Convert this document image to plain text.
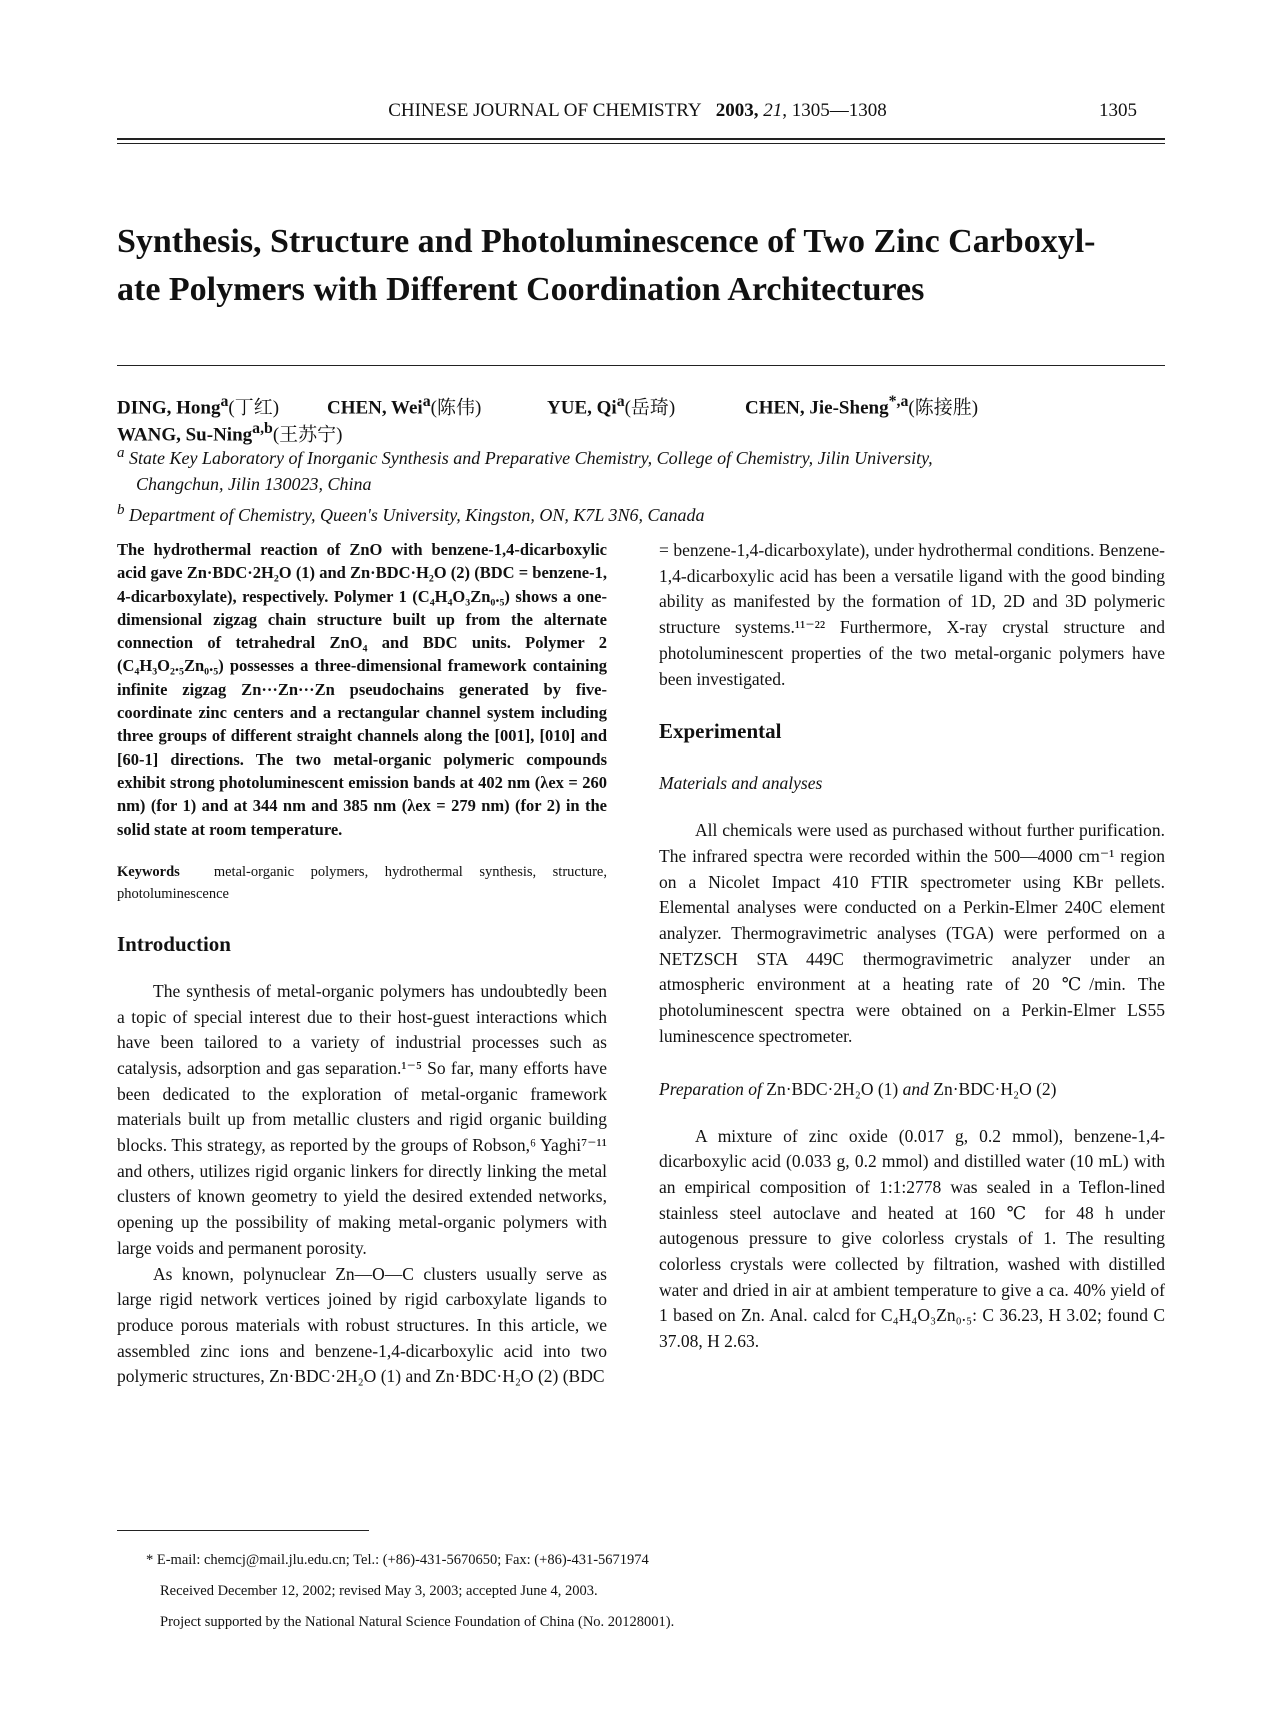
CHINESE JOURNAL OF CHEMISTRY 2003, 21, 1305—1308	1305
Synthesis, Structure and Photoluminescence of Two Zinc Carboxyl-
ate Polymers with Different Coordination Architectures
DING, Hong$^a$(丁红)	CHEN, Wei$^a$(陈伟)	YUE, Qi$^a$(岳琦)	CHEN, Jie-Sheng$^{*,a}$(陈接胜)
WANG, Su-Ning$^{a,b}$(王苏宁)
$^a$ State Key Laboratory of Inorganic Synthesis and Preparative Chemistry, College of Chemistry, Jilin University,
Changchun, Jilin 130023, China
$^b$ Department of Chemistry, Queen's University, Kingston, ON, K7L 3N6, Canada

The hydrothermal reaction of ZnO with benzene-1,4-dicarboxylic acid gave Zn·BDC·2H₂O (1) and Zn·BDC·H₂O (2) (BDC = benzene-1, 4-dicarboxylate), respectively. Polymer 1 (C₄H₄O₃Zn₀.₅) shows a one-dimensional zigzag chain structure built up from the alternate connection of tetrahedral ZnO₄ and BDC units. Polymer 2 (C₄H₃O₂.₅Zn₀.₅) possesses a three-dimensional framework containing infinite zigzag Zn···Zn···Zn pseudochains generated by five-coordinate zinc centers and a rectangular channel system including three groups of different straight channels along the [001], [010] and [60-1] directions. The two metal-organic polymeric compounds exhibit strong photoluminescent emission bands at 402 nm (λex = 260 nm) (for 1) and at 344 nm and 385 nm (λex = 279 nm) (for 2) in the solid state at room temperature.

Keywords metal-organic polymers, hydrothermal synthesis, structure, photoluminescence
Introduction

The synthesis of metal-organic polymers has undoubtedly been a topic of special interest due to their host-guest interactions which have been tailored to a variety of industrial processes such as catalysis, adsorption and gas separation.¹⁻⁵ So far, many efforts have been dedicated to the exploration of metal-organic framework materials built up from metallic clusters and rigid organic building blocks. This strategy, as reported by the groups of Robson,⁶ Yaghi⁷⁻¹¹ and others, utilizes rigid organic linkers for directly linking the metal clusters of known geometry to yield the desired extended networks, opening up the possibility of making metal-organic polymers with large voids and permanent porosity.

As known, polynuclear Zn—O—C clusters usually serve as large rigid network vertices joined by rigid carboxylate ligands to produce porous materials with robust structures. In this article, we assembled zinc ions and benzene-1,4-dicarboxylic acid into two polymeric structures, Zn·BDC·2H₂O (1) and Zn·BDC·H₂O (2) (BDC

= benzene-1,4-dicarboxylate), under hydrothermal conditions. Benzene-1,4-dicarboxylic acid has been a versatile ligand with the good binding ability as manifested by the formation of 1D, 2D and 3D polymeric structure systems.¹¹⁻²² Furthermore, X-ray crystal structure and photoluminescent properties of the two metal-organic polymers have been investigated.

Experimental
Materials and analyses

All chemicals were used as purchased without further purification. The infrared spectra were recorded within the 500—4000 cm⁻¹ region on a Nicolet Impact 410 FTIR spectrometer using KBr pellets. Elemental analyses were conducted on a Perkin-Elmer 240C element analyzer. Thermogravimetric analyses (TGA) were performed on a NETZSCH STA 449C thermogravimetric analyzer under an atmospheric environment at a heating rate of 20 ℃/min. The photoluminescent spectra were obtained on a Perkin-Elmer LS55 luminescence spectrometer.

Preparation of Zn·BDC·2H₂O (1) and Zn·BDC·H₂O (2)

A mixture of zinc oxide (0.017 g, 0.2 mmol), benzene-1,4-dicarboxylic acid (0.033 g, 0.2 mmol) and distilled water (10 mL) with an empirical composition of 1:1:2778 was sealed in a Teflon-lined stainless steel autoclave and heated at 160 ℃ for 48 h under autogenous pressure to give colorless crystals of 1. The resulting colorless crystals were collected by filtration, washed with distilled water and dried in air at ambient temperature to give a ca. 40% yield of 1 based on Zn. Anal. calcd for C₄H₄O₃Zn₀.₅: C 36.23, H 3.02; found C 37.08, H 2.63.

* E-mail: chemcj@mail.jlu.edu.cn; Tel.: (+86)-431-5670650; Fax: (+86)-431-5671974
Received December 12, 2002; revised May 3, 2003; accepted June 4, 2003.
Project supported by the National Natural Science Foundation of China (No. 20128001).
